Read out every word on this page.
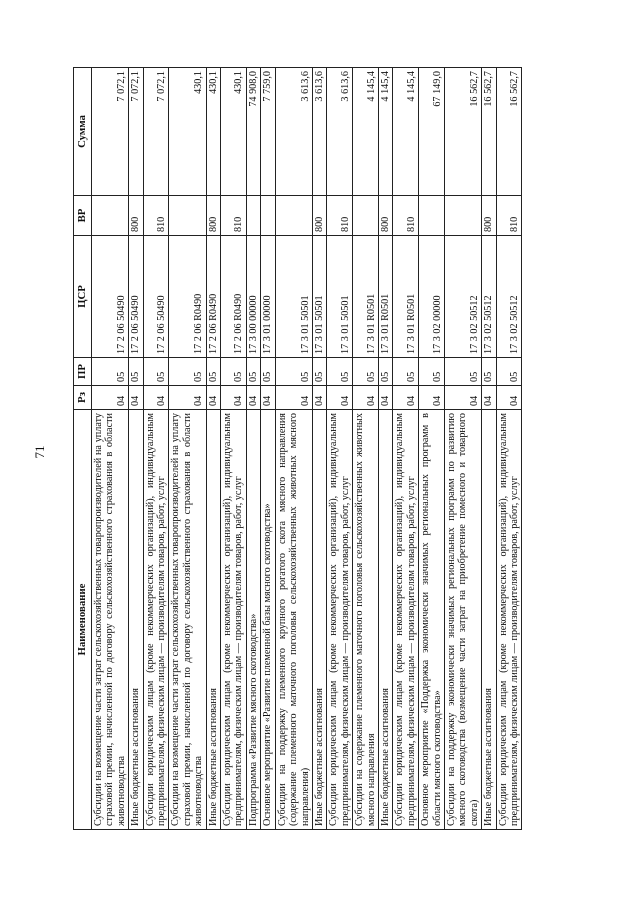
71
Наименование	Рз	ПР	ЦСР	ВР	Сумма
Субсидии на возмещение части затрат сельскохозяйственных товаропроизводителей на уплату страховой премии, начисленной по договору сельскохозяйственного страхования в области животноводства	04	05	17 2 06 50490		7 072,1
Иные бюджетные ассигнования	04	05	17 2 06 50490	800	7 072,1
Субсидии юридическим лицам (кроме некоммерческих организаций), индивидуальным предпринимателям, физическим лицам — производителям товаров, работ, услуг	04	05	17 2 06 50490	810	7 072,1
Субсидии на возмещение части затрат сельскохозяйственных товаропроизводителей на уплату страховой премии, начисленной по договору сельскохозяйственного страхования в области животноводства	04	05	17 2 06 R0490		430,1
Иные бюджетные ассигнования	04	05	17 2 06 R0490	800	430,1
Субсидии юридическим лицам (кроме некоммерческих организаций), индивидуальным предпринимателям, физическим лицам — производителям товаров, работ, услуг	04	05	17 2 06 R0490	810	430,1
Подпрограмма «Развитие мясного скотоводства»	04	05	17 3 00 00000		74 908,0
Основное мероприятие «Развитие племенной базы мясного скотоводства»	04	05	17 3 01 00000		7 759,0
Субсидии на поддержку племенного крупного рогатого скота мясного направления (содержание племенного маточного поголовья сельскохозяйственных животных мясного направления)	04	05	17 3 01 50501		3 613,6
Иные бюджетные ассигнования	04	05	17 3 01 50501	800	3 613,6
Субсидии юридическим лицам (кроме некоммерческих организаций), индивидуальным предпринимателям, физическим лицам — производителям товаров, работ, услуг	04	05	17 3 01 50501	810	3 613,6
Субсидии на содержание племенного маточного поголовья сельскохозяйственных животных мясного направления	04	05	17 3 01 R0501		4 145,4
Иные бюджетные ассигнования	04	05	17 3 01 R0501	800	4 145,4
Субсидии юридическим лицам (кроме некоммерческих организаций), индивидуальным предпринимателям, физическим лицам — производителям товаров, работ, услуг	04	05	17 3 01 R0501	810	4 145,4
Основное мероприятие «Поддержка экономически значимых региональных программ в области мясного скотоводства»	04	05	17 3 02 00000		67 149,0
Субсидии на поддержку экономически значимых региональных программ по развитию мясного скотоводства (возмещение части затрат на приобретение помесного и товарного скота)	04	05	17 3 02 50512		16 562,7
Иные бюджетные ассигнования	04	05	17 3 02 50512	800	16 562,7
Субсидии юридическим лицам (кроме некоммерческих организаций), индивидуальным предпринимателям, физическим лицам — производителям товаров, работ, услуг	04	05	17 3 02 50512	810	16 562,7
